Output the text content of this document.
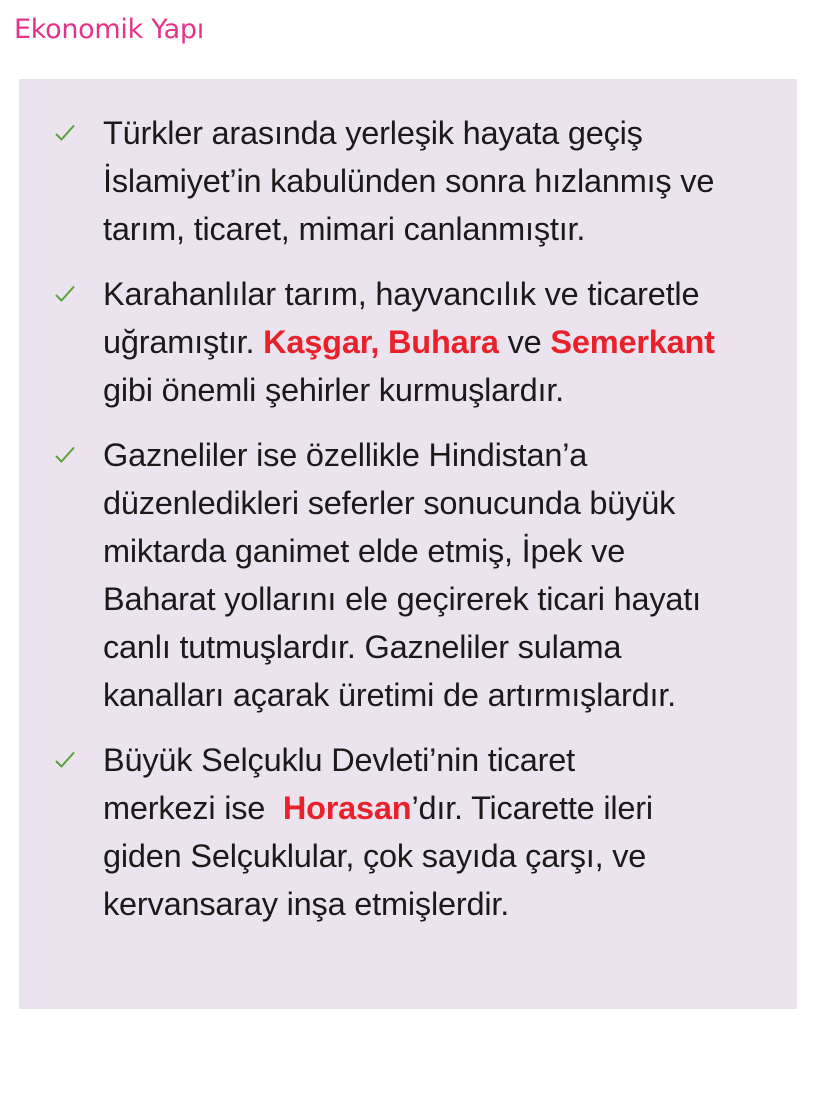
Ekonomik Yapı
Türkler arasında yerleşik hayata geçiş
İslamiyet’in kabulünden sonra hızlanmış ve
tarım, ticaret, mimari canlanmıştır.
Karahanlılar tarım, hayvancılık ve ticaretle
uğramıştır. Kaşgar, Buhara ve Semerkant
gibi önemli şehirler kurmuşlardır.
Gazneliler ise özellikle Hindistan’a
düzenledikleri seferler sonucunda büyük
miktarda ganimet elde etmiş, İpek ve
Baharat yollarını ele geçirerek ticari hayatı
canlı tutmuşlardır. Gazneliler sulama
kanalları açarak üretimi de artırmışlardır.
Büyük Selçuklu Devleti’nin ticaret
merkezi ise  Horasan’dır. Ticarette ileri
giden Selçuklular, çok sayıda çarşı, ve
kervansaray inşa etmişlerdir.
